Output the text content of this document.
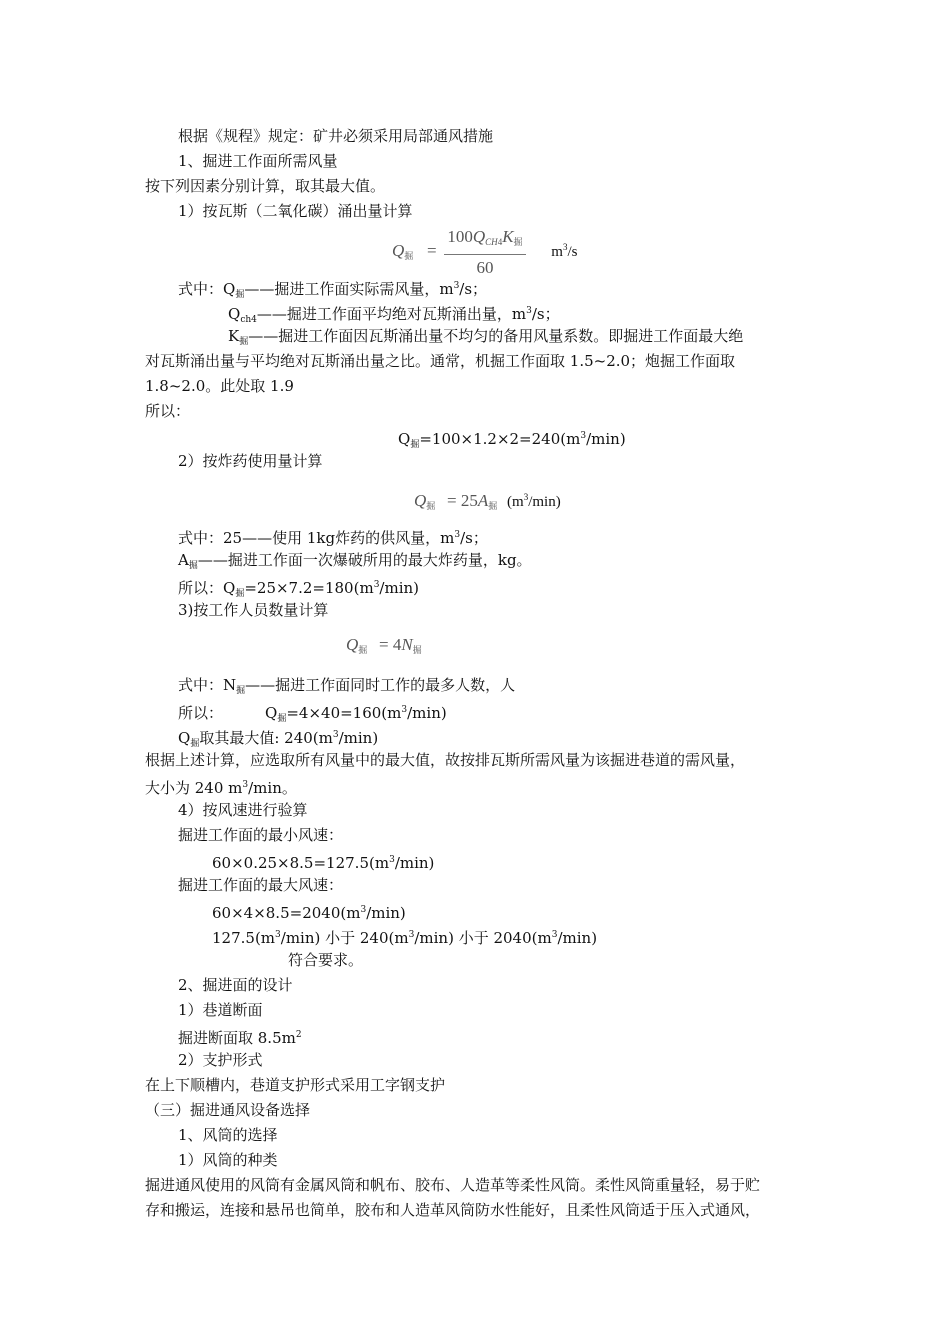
根据《规程》规定：矿井必须采用局部通风措施
1、掘进工作面所需风量
按下列因素分别计算，取其最大值。
1）按瓦斯（二氧化碳）涌出量计算
$Q_掘 = \frac{100Q_{CH4}K_掘}{60} m^3/s$
式中：$Q_掘——$掘进工作面实际需风量，$m^3/s$；
$Q_{ch4}——$掘进工作面平均绝对瓦斯涌出量，$m^3/s$；
$K_掘——$掘进工作面因瓦斯涌出量不均匀的备用风量系数。即掘进工作面最大绝
对瓦斯涌出量与平均绝对瓦斯涌出量之比。通常，机掘工作面取 1.5~2.0；炮掘工作面取
1.8~2.0。此处取 1.9
所以：
$Q_掘=100\times 1.2\times 2=240(m^3/\min)$
2）按炸药使用量计算
$Q_掘 = 25A_掘$ $(m^3/\min)$
式中：25——使用 1kg炸药的供风量，$m^3/s$；
$A_掘——$掘进工作面一次爆破所用的最大炸药量，kg。
所以：$Q_掘=25\times 7.2=180(m^3/\min)$
3)按工作人员数量计算
$Q_掘 = 4N_掘$
式中：$N_掘——$掘进工作面同时工作的最多人数，人
所以：	$Q_掘=4\times 40=160(m^3/\min)$
$Q_掘$取其最大值: $240(m^3/\min)$
根据上述计算，应选取所有风量中的最大值，故按排瓦斯所需风量为该掘进巷道的需风量，
大小为 240 $m^3/\min$。
4）按风速进行验算
掘进工作面的最小风速：
$60\times 0.25\times 8.5=127.5(m^3/\min)$
掘进工作面的最大风速：
$60\times 4\times 8.5=2040(m^3/\min)$
$127.5(m^3/\min)$ 小于 $240(m^3/\min)$ 小于 $2040(m^3/\min)$
符合要求。
2、掘进面的设计
1）巷道断面
掘进断面取 $8.5m^2$
2）支护形式
在上下顺槽内，巷道支护形式采用工字钢支护
（三）掘进通风设备选择
1、风筒的选择
1）风筒的种类
掘进通风使用的风筒有金属风筒和帆布、胶布、人造革等柔性风筒。柔性风筒重量轻，易于贮
存和搬运，连接和悬吊也简单，胶布和人造革风筒防水性能好，且柔性风筒适于压入式通风，
